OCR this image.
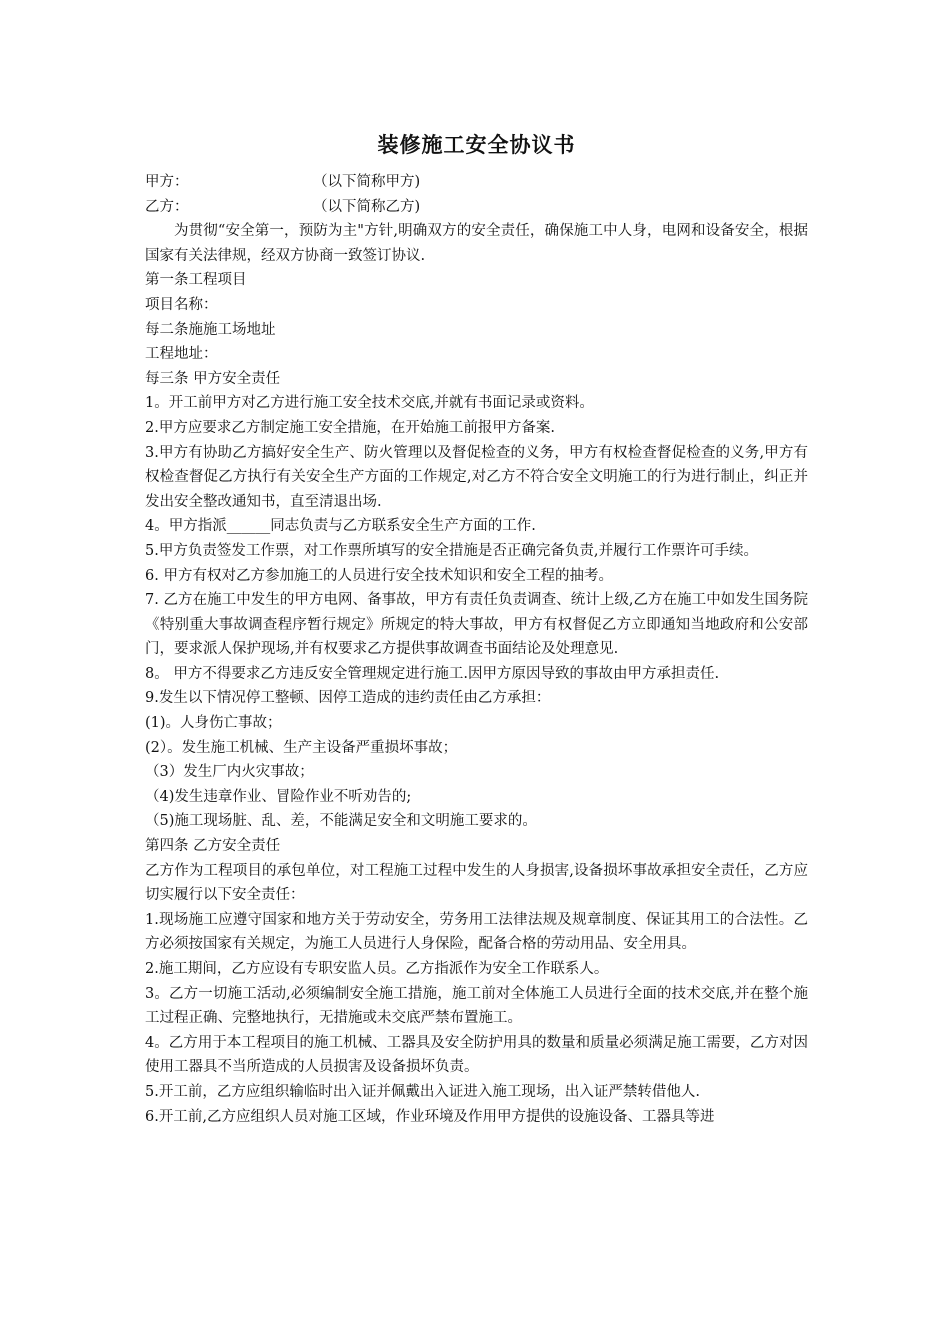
装修施工安全协议书
甲方：	（以下简称甲方)
乙方：	（以下简称乙方)

为贯彻“安全第一，预防为主"方针,明确双方的安全责任，确保施工中人身，电网和设备安全，根据国家有关法律规，经双方协商一致签订协议.

第一条工程项目

项目名称：

每二条施施工场地址

工程地址：

每三条 甲方安全责任

1。开工前甲方对乙方进行施工安全技术交底,并就有书面记录或资料。

2.甲方应要求乙方制定施工安全措施，在开始施工前报甲方备案.

3.甲方有协助乙方搞好安全生产、防火管理以及督促检查的义务，甲方有权检查督促检查的义务,甲方有权检查督促乙方执行有关安全生产方面的工作规定,对乙方不符合安全文明施工的行为进行制止，纠正并发出安全整改通知书，直至清退出场.

4。甲方指派______同志负责与乙方联系安全生产方面的工作.

5.甲方负责签发工作票，对工作票所填写的安全措施是否正确完备负责,并履行工作票许可手续。

6. 甲方有权对乙方参加施工的人员进行安全技术知识和安全工程的抽考。

7. 乙方在施工中发生的甲方电网、备事故，甲方有责任负责调查、统计上级,乙方在施工中如发生国务院《特别重大事故调查程序暂行规定》所规定的特大事故，甲方有权督促乙方立即通知当地政府和公安部门，要求派人保护现场,并有权要求乙方提供事故调查书面结论及处理意见.

8。 甲方不得要求乙方违反安全管理规定进行施工.因甲方原因导致的事故由甲方承担责任.

9.发生以下情况停工整顿、因停工造成的违约责任由乙方承担：

(1)。人身伤亡事故；

(2）。发生施工机械、生产主设备严重损坏事故；

（3）发生厂内火灾事故；

（4)发生违章作业、冒险作业不听劝告的;

（5)施工现场脏、乱、差，不能满足安全和文明施工要求的。

第四条 乙方安全责任

乙方作为工程项目的承包单位，对工程施工过程中发生的人身损害,设备损坏事故承担安全责任，乙方应切实履行以下安全责任：

1.现场施工应遵守国家和地方关于劳动安全，劳务用工法律法规及规章制度、保证其用工的合法性。乙方必须按国家有关规定，为施工人员进行人身保险，配备合格的劳动用品、安全用具。

2.施工期间，乙方应设有专职安监人员。乙方指派作为安全工作联系人。

3。乙方一切施工活动,必须编制安全施工措施，施工前对全体施工人员进行全面的技术交底,并在整个施工过程正确、完整地执行，无措施或未交底严禁布置施工。

4。乙方用于本工程项目的施工机械、工器具及安全防护用具的数量和质量必须满足施工需要，乙方对因使用工器具不当所造成的人员损害及设备损坏负责。

5.开工前，乙方应组织输临时出入证并佩戴出入证进入施工现场，出入证严禁转借他人.

6.开工前,乙方应组织人员对施工区域，作业环境及作用甲方提供的设施设备、工器具等进
